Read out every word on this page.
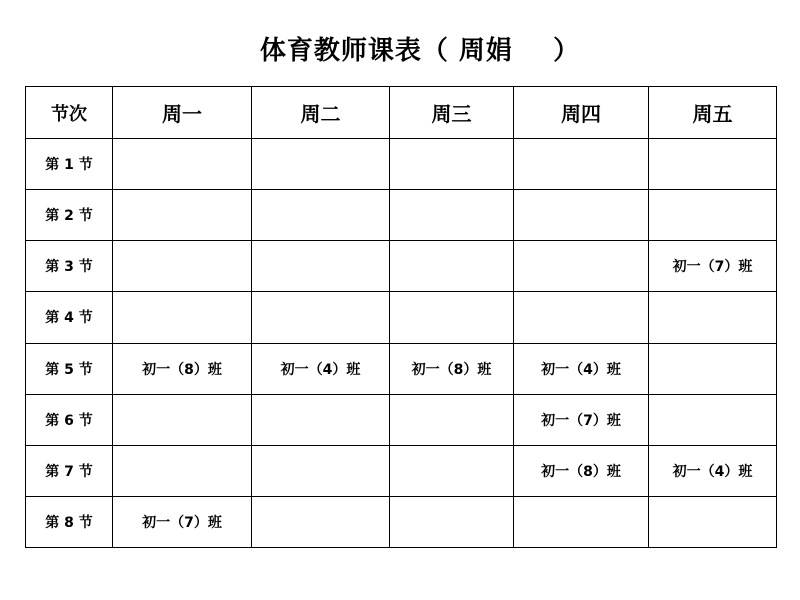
体育教师课表（ 周娟    ）
节次	周一	周二	周三	周四	周五
第 1 节					
第 2 节					
第 3 节					初一（7）班
第 4 节					
第 5 节	初一（8）班	初一（4）班	初一（8）班	初一（4）班	
第 6 节				初一（7）班	
第 7 节				初一（8）班	初一（4）班
第 8 节	初一（7）班				
